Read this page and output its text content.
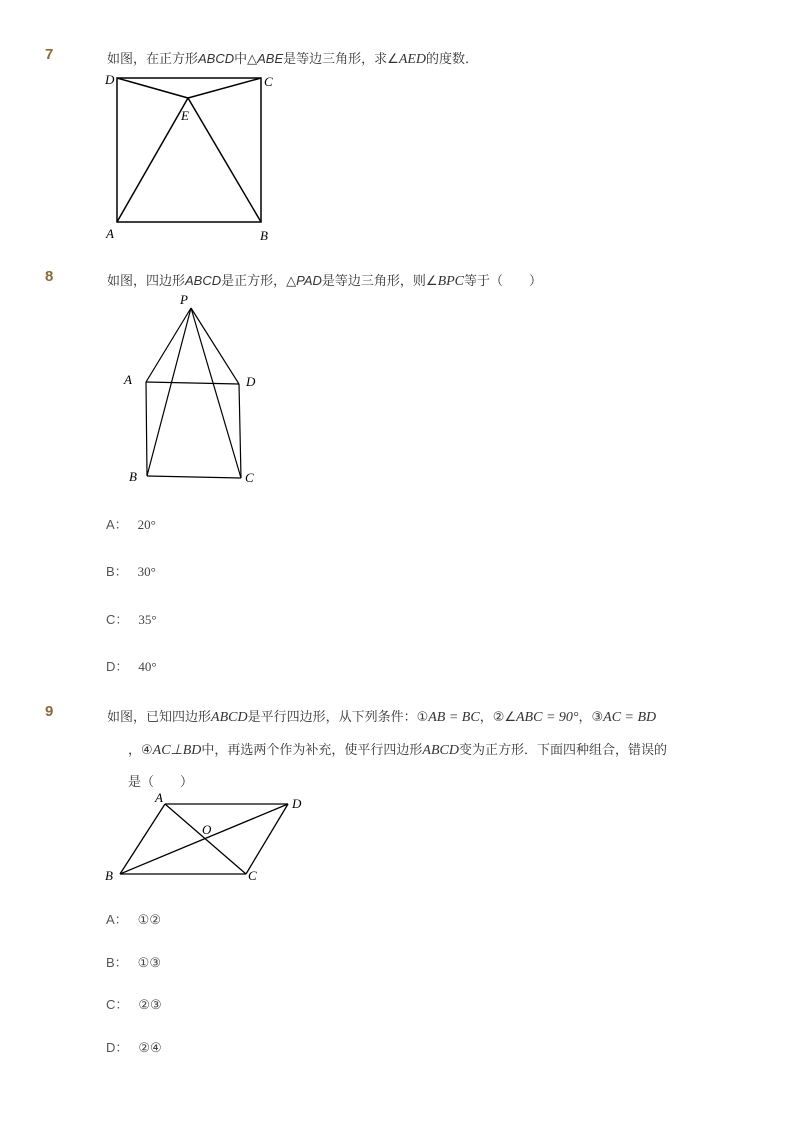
7	如图，在正方形ABCD中△ABE是等边三角形，求∠AED的度数．
D	C
E
A	B
8	如图，四边形ABCD是正方形，△PAD是等边三角形，则∠BPC等于（　　）
P
A	D
B	C
A： 20°
B： 30°
C： 35°
D： 40°
9	如图，已知四边形ABCD是平行四边形，从下列条件：①AB = BC，②∠ABC = 90°，③AC = BD
，④AC⊥BD中，再选两个作为补充，使平行四边形ABCD变为正方形．下面四种组合，错误的
是（　　）
A	D
O
B	C
A： ①②
B： ①③
C： ②③
D： ②④
